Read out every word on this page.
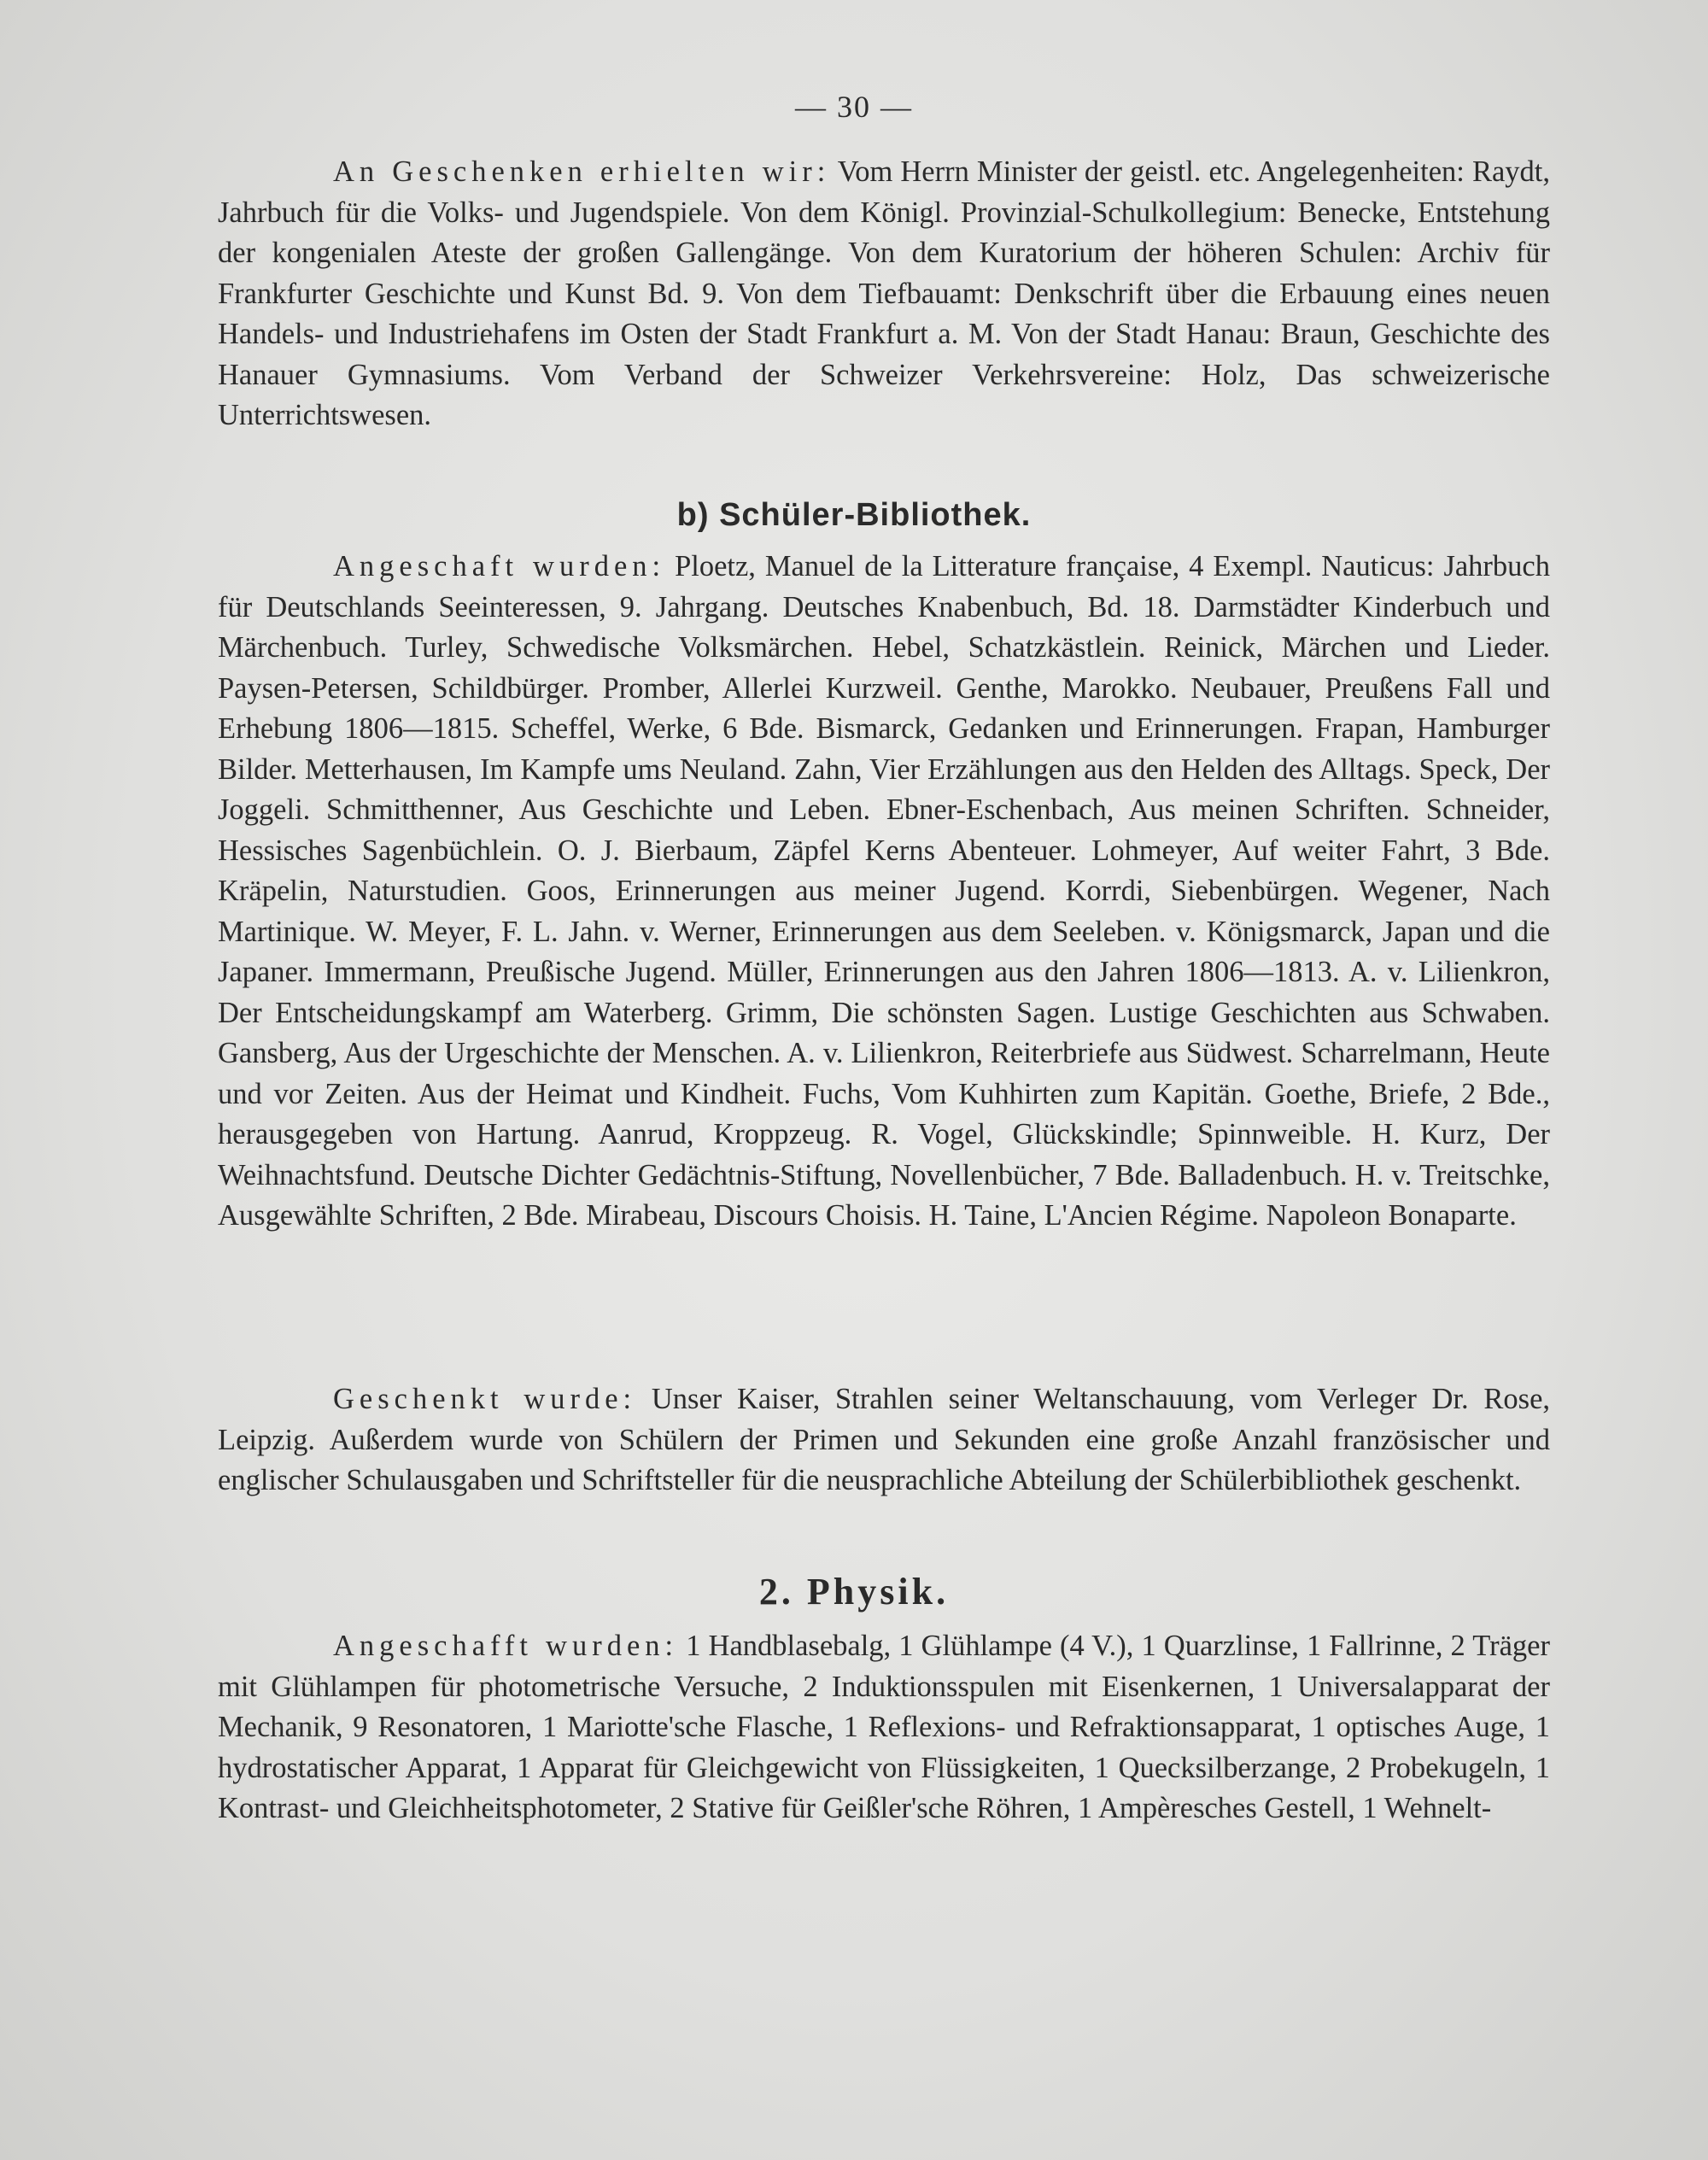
— 30 —

An Geschenken erhielten wir: Vom Herrn Minister der geistl. etc. Angelegenheiten: Raydt, Jahrbuch für die Volks- und Jugendspiele. Von dem Königl. Provinzial-Schulkollegium: Benecke, Entstehung der kongenialen Ateste der großen Gallengänge. Von dem Kuratorium der höheren Schulen: Archiv für Frankfurter Geschichte und Kunst Bd. 9. Von dem Tiefbauamt: Denkschrift über die Erbauung eines neuen Handels- und Industriehafens im Osten der Stadt Frankfurt a. M. Von der Stadt Hanau: Braun, Geschichte des Hanauer Gymnasiums. Vom Verband der Schweizer Verkehrsvereine: Holz, Das schweizerische Unterrichtswesen.

b) Schüler-Bibliothek.

Angeschaft wurden: Ploetz, Manuel de la Litterature française, 4 Exempl. Nauticus: Jahrbuch für Deutschlands Seeinteressen, 9. Jahrgang. Deutsches Knabenbuch, Bd. 18. Darmstädter Kinderbuch und Märchenbuch. Turley, Schwedische Volksmärchen. Hebel, Schatzkästlein. Reinick, Märchen und Lieder. Paysen-Petersen, Schildbürger. Promber, Allerlei Kurzweil. Genthe, Marokko. Neubauer, Preußens Fall und Erhebung 1806—1815. Scheffel, Werke, 6 Bde. Bismarck, Gedanken und Erinnerungen. Frapan, Hamburger Bilder. Metterhausen, Im Kampfe ums Neuland. Zahn, Vier Erzählungen aus den Helden des Alltags. Speck, Der Joggeli. Schmitthenner, Aus Geschichte und Leben. Ebner-Eschenbach, Aus meinen Schriften. Schneider, Hessisches Sagenbüchlein. O. J. Bierbaum, Zäpfel Kerns Abenteuer. Lohmeyer, Auf weiter Fahrt, 3 Bde. Kräpelin, Naturstudien. Goos, Erinnerungen aus meiner Jugend. Korrdi, Siebenbürgen. Wegener, Nach Martinique. W. Meyer, F. L. Jahn. v. Werner, Erinnerungen aus dem Seeleben. v. Königsmarck, Japan und die Japaner. Immermann, Preußische Jugend. Müller, Erinnerungen aus den Jahren 1806—1813. A. v. Lilienkron, Der Entscheidungskampf am Waterberg. Grimm, Die schönsten Sagen. Lustige Geschichten aus Schwaben. Gansberg, Aus der Urgeschichte der Menschen. A. v. Lilienkron, Reiterbriefe aus Südwest. Scharrelmann, Heute und vor Zeiten. Aus der Heimat und Kindheit. Fuchs, Vom Kuhhirten zum Kapitän. Goethe, Briefe, 2 Bde., herausgegeben von Hartung. Aanrud, Kroppzeug. R. Vogel, Glückskindle; Spinnweible. H. Kurz, Der Weihnachtsfund. Deutsche Dichter Gedächtnis-Stiftung, Novellenbücher, 7 Bde. Balladenbuch. H. v. Treitschke, Ausgewählte Schriften, 2 Bde. Mirabeau, Discours Choisis. H. Taine, L'Ancien Régime. Napoleon Bonaparte.

Geschenkt wurde: Unser Kaiser, Strahlen seiner Weltanschauung, vom Verleger Dr. Rose, Leipzig. Außerdem wurde von Schülern der Primen und Sekunden eine große Anzahl französischer und englischer Schulausgaben und Schriftsteller für die neusprachliche Abteilung der Schülerbibliothek geschenkt.

2. Physik.

Angeschafft wurden: 1 Handblasebalg, 1 Glühlampe (4 V.), 1 Quarzlinse, 1 Fallrinne, 2 Träger mit Glühlampen für photometrische Versuche, 2 Induktionsspulen mit Eisenkernen, 1 Universalapparat der Mechanik, 9 Resonatoren, 1 Mariotte'sche Flasche, 1 Reflexions- und Refraktionsapparat, 1 optisches Auge, 1 hydrostatischer Apparat, 1 Apparat für Gleichgewicht von Flüssigkeiten, 1 Quecksilberzange, 2 Probekugeln, 1 Kontrast- und Gleichheitsphotometer, 2 Stative für Geißler'sche Röhren, 1 Ampèresches Gestell, 1 Wehnelt-
